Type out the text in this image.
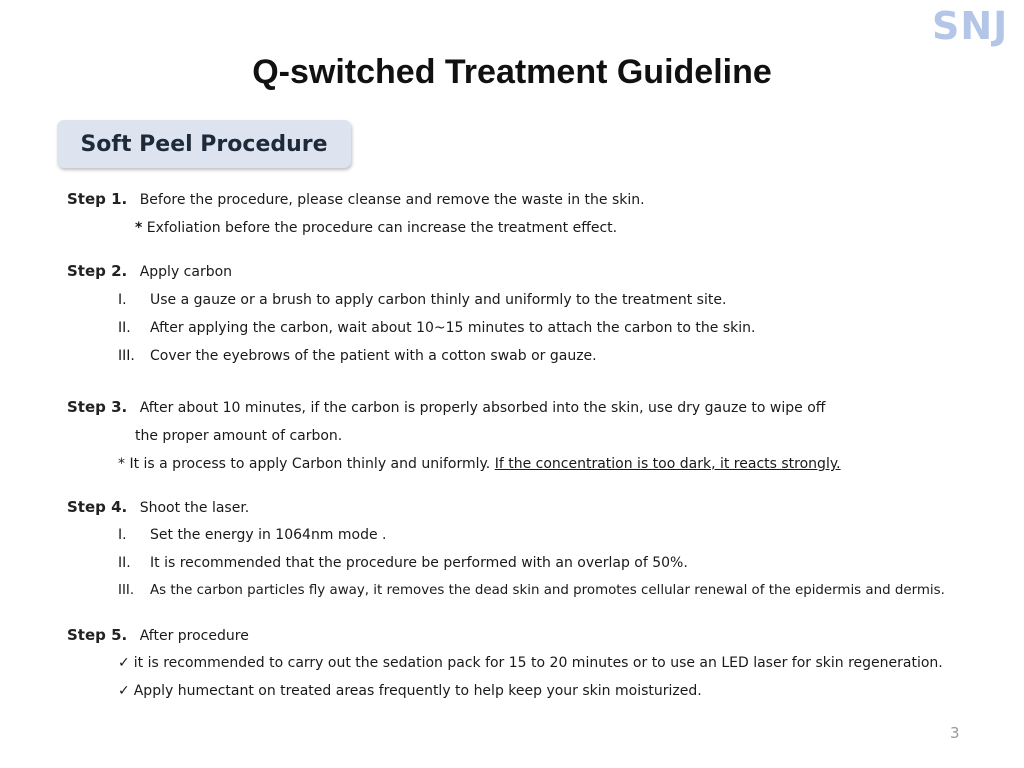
SNJ
Q-switched Treatment Guideline
Soft Peel Procedure
Step 1. Before the procedure, please cleanse and remove the waste in the skin.
* Exfoliation before the procedure can increase the treatment effect.
Step 2. Apply carbon
I. Use a gauze or a brush to apply carbon thinly and uniformly to the treatment site.
II. After applying the carbon, wait about 10~15 minutes to attach the carbon to the skin.
III. Cover the eyebrows of the patient with a cotton swab or gauze.
Step 3. After about 10 minutes, if the carbon is properly absorbed into the skin, use dry gauze to wipe off
the proper amount of carbon.
* It is a process to apply Carbon thinly and uniformly. If the concentration is too dark, it reacts strongly.
Step 4. Shoot the laser.
I. Set the energy in 1064nm mode .
II. It is recommended that the procedure be performed with an overlap of 50%.
III. As the carbon particles fly away, it removes the dead skin and promotes cellular renewal of the epidermis and dermis.
Step 5. After procedure
✓ it is recommended to carry out the sedation pack for 15 to 20 minutes or to use an LED laser for skin regeneration.
✓ Apply humectant on treated areas frequently to help keep your skin moisturized.
3
